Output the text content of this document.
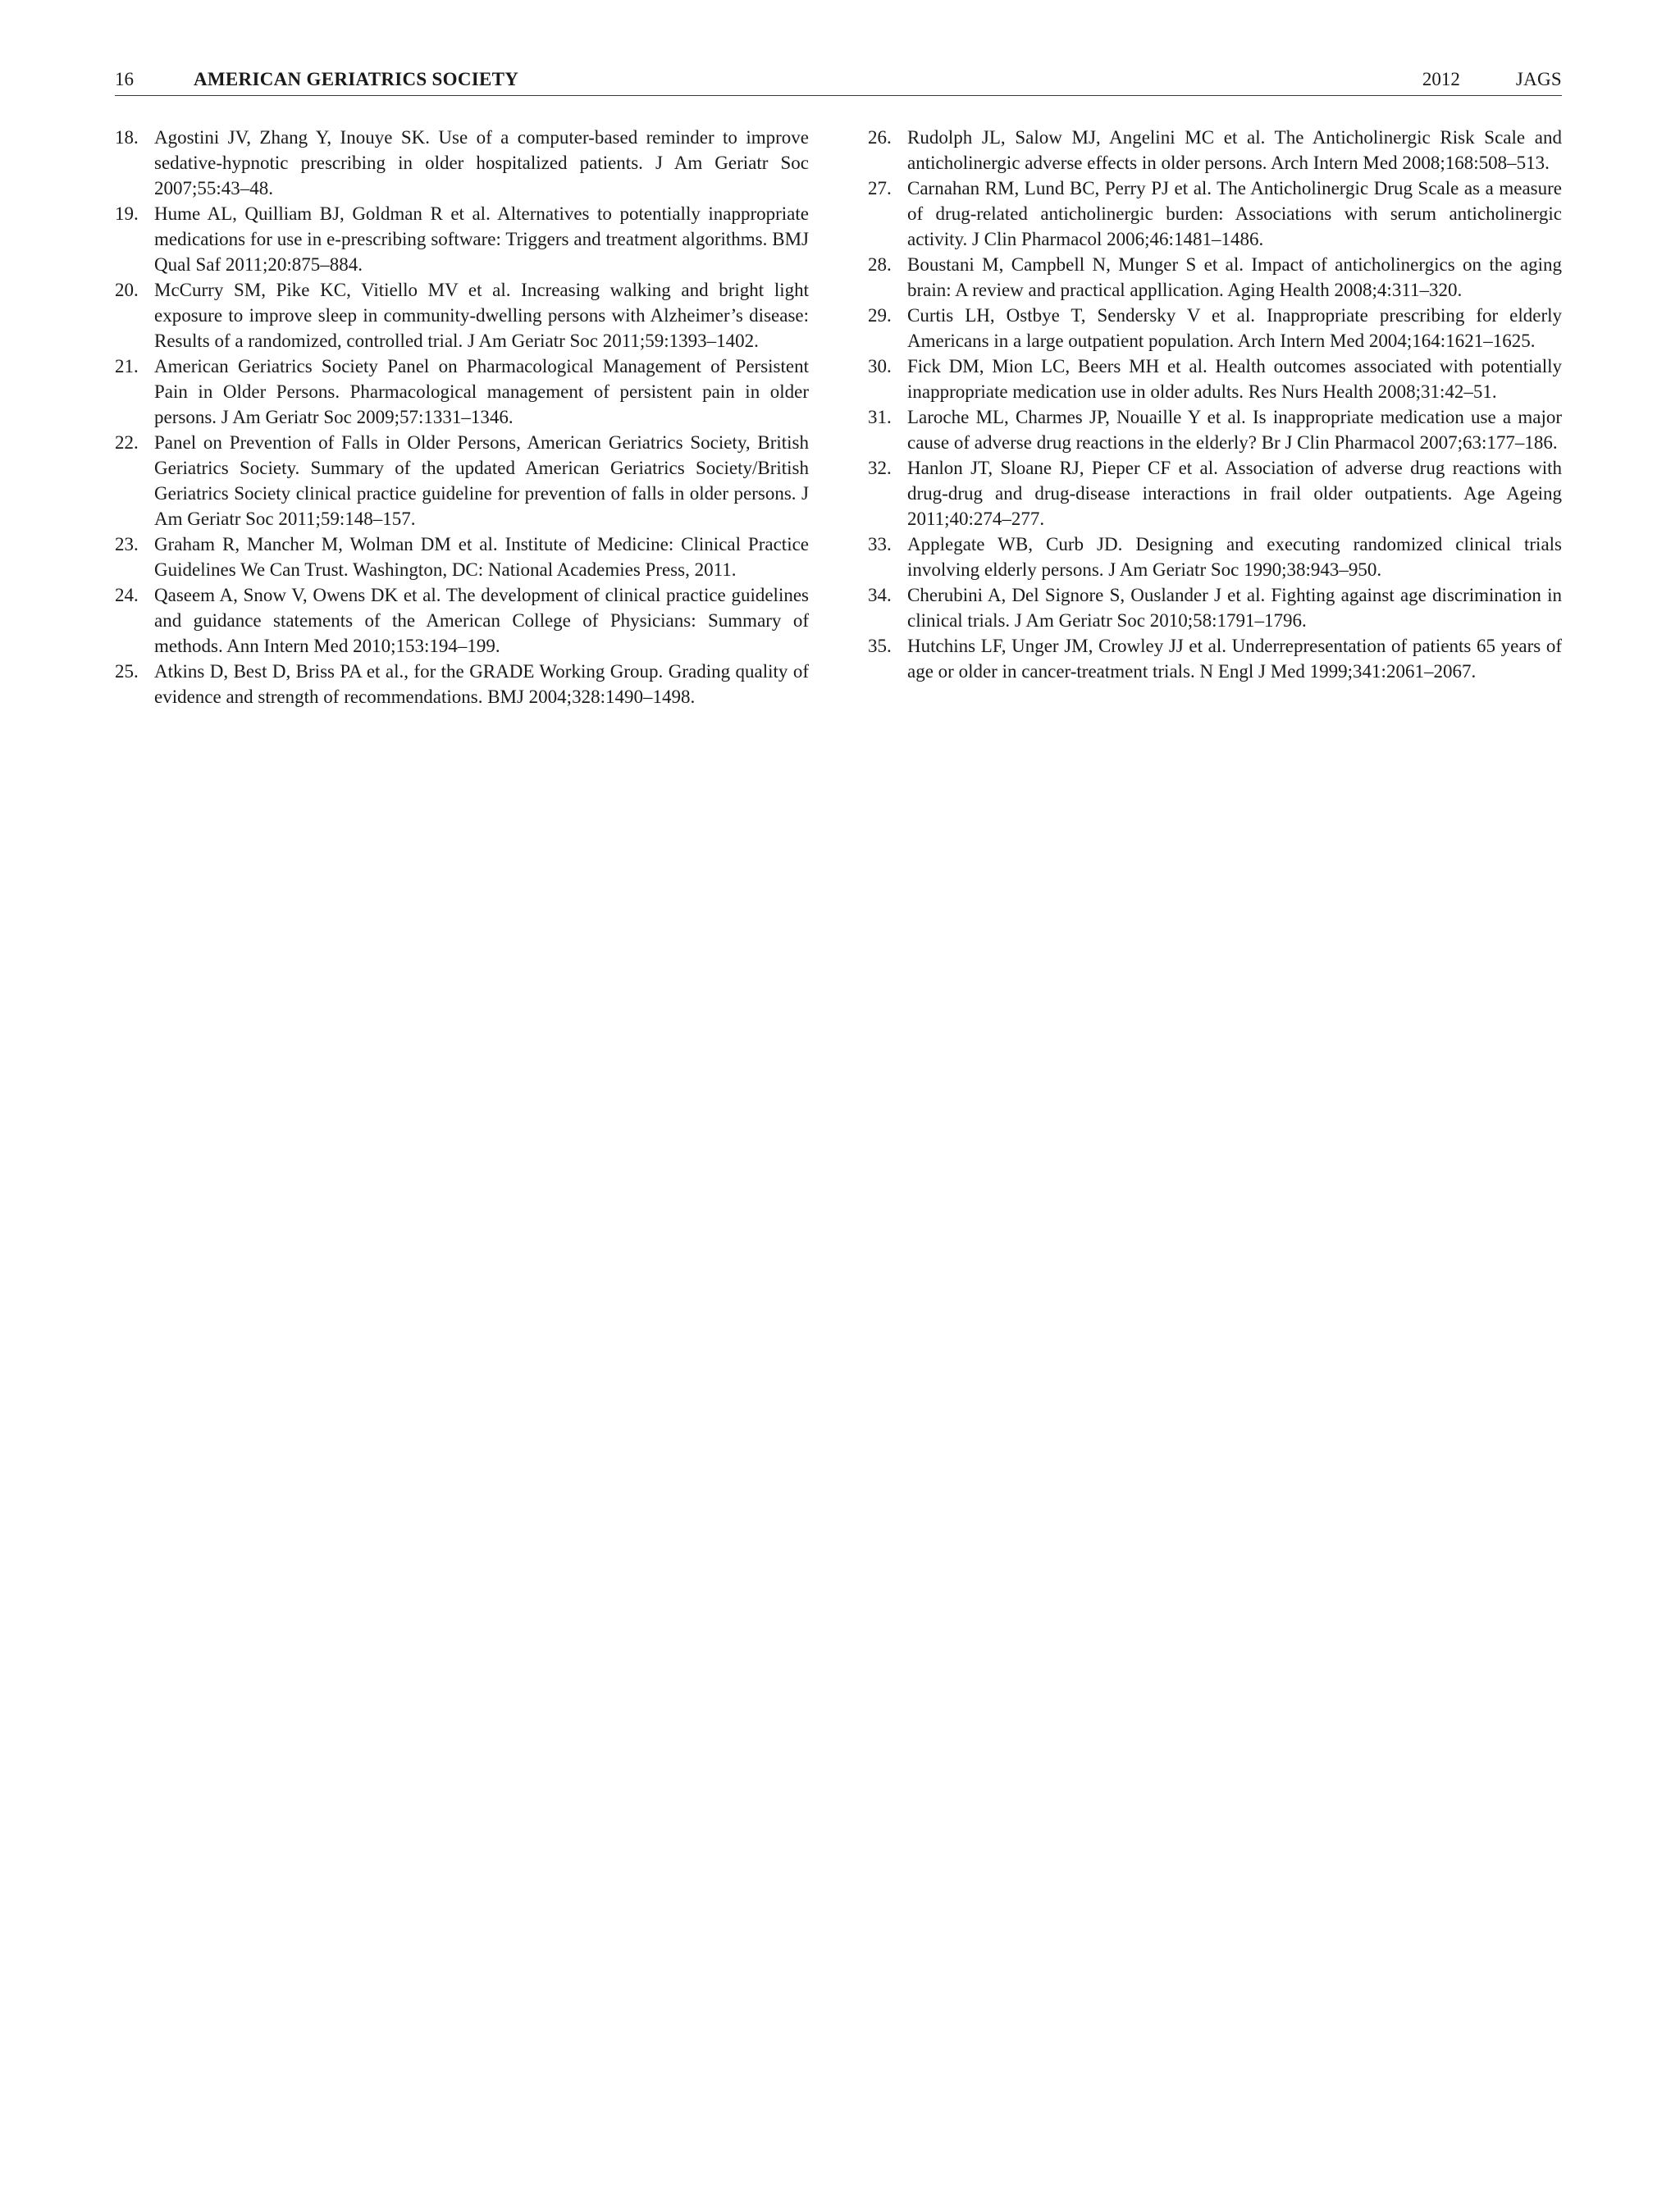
16	AMERICAN GERIATRICS SOCIETY	2012	JAGS
18. Agostini JV, Zhang Y, Inouye SK. Use of a computer-based reminder to improve sedative-hypnotic prescribing in older hospitalized patients. J Am Geriatr Soc 2007;55:43–48.
19. Hume AL, Quilliam BJ, Goldman R et al. Alternatives to potentially inappropriate medications for use in e-prescribing software: Triggers and treatment algorithms. BMJ Qual Saf 2011;20:875–884.
20. McCurry SM, Pike KC, Vitiello MV et al. Increasing walking and bright light exposure to improve sleep in community-dwelling persons with Alzheimer’s disease: Results of a randomized, controlled trial. J Am Geriatr Soc 2011;59:1393–1402.
21. American Geriatrics Society Panel on Pharmacological Management of Persistent Pain in Older Persons. Pharmacological management of persistent pain in older persons. J Am Geriatr Soc 2009;57:1331–1346.
22. Panel on Prevention of Falls in Older Persons, American Geriatrics Society, British Geriatrics Society. Summary of the updated American Geriatrics Society/British Geriatrics Society clinical practice guideline for prevention of falls in older persons. J Am Geriatr Soc 2011;59:148–157.
23. Graham R, Mancher M, Wolman DM et al. Institute of Medicine: Clinical Practice Guidelines We Can Trust. Washington, DC: National Academies Press, 2011.
24. Qaseem A, Snow V, Owens DK et al. The development of clinical practice guidelines and guidance statements of the American College of Physicians: Summary of methods. Ann Intern Med 2010;153:194–199.
25. Atkins D, Best D, Briss PA et al., for the GRADE Working Group. Grading quality of evidence and strength of recommendations. BMJ 2004;328:1490–1498.
26. Rudolph JL, Salow MJ, Angelini MC et al. The Anticholinergic Risk Scale and anticholinergic adverse effects in older persons. Arch Intern Med 2008;168:508–513.
27. Carnahan RM, Lund BC, Perry PJ et al. The Anticholinergic Drug Scale as a measure of drug-related anticholinergic burden: Associations with serum anticholinergic activity. J Clin Pharmacol 2006;46:1481–1486.
28. Boustani M, Campbell N, Munger S et al. Impact of anticholinergics on the aging brain: A review and practical appllication. Aging Health 2008;4:311–320.
29. Curtis LH, Ostbye T, Sendersky V et al. Inappropriate prescribing for elderly Americans in a large outpatient population. Arch Intern Med 2004;164:1621–1625.
30. Fick DM, Mion LC, Beers MH et al. Health outcomes associated with potentially inappropriate medication use in older adults. Res Nurs Health 2008;31:42–51.
31. Laroche ML, Charmes JP, Nouaille Y et al. Is inappropriate medication use a major cause of adverse drug reactions in the elderly? Br J Clin Pharmacol 2007;63:177–186.
32. Hanlon JT, Sloane RJ, Pieper CF et al. Association of adverse drug reactions with drug-drug and drug-disease interactions in frail older outpatients. Age Ageing 2011;40:274–277.
33. Applegate WB, Curb JD. Designing and executing randomized clinical trials involving elderly persons. J Am Geriatr Soc 1990;38:943–950.
34. Cherubini A, Del Signore S, Ouslander J et al. Fighting against age discrimination in clinical trials. J Am Geriatr Soc 2010;58:1791–1796.
35. Hutchins LF, Unger JM, Crowley JJ et al. Underrepresentation of patients 65 years of age or older in cancer-treatment trials. N Engl J Med 1999;341:2061–2067.
